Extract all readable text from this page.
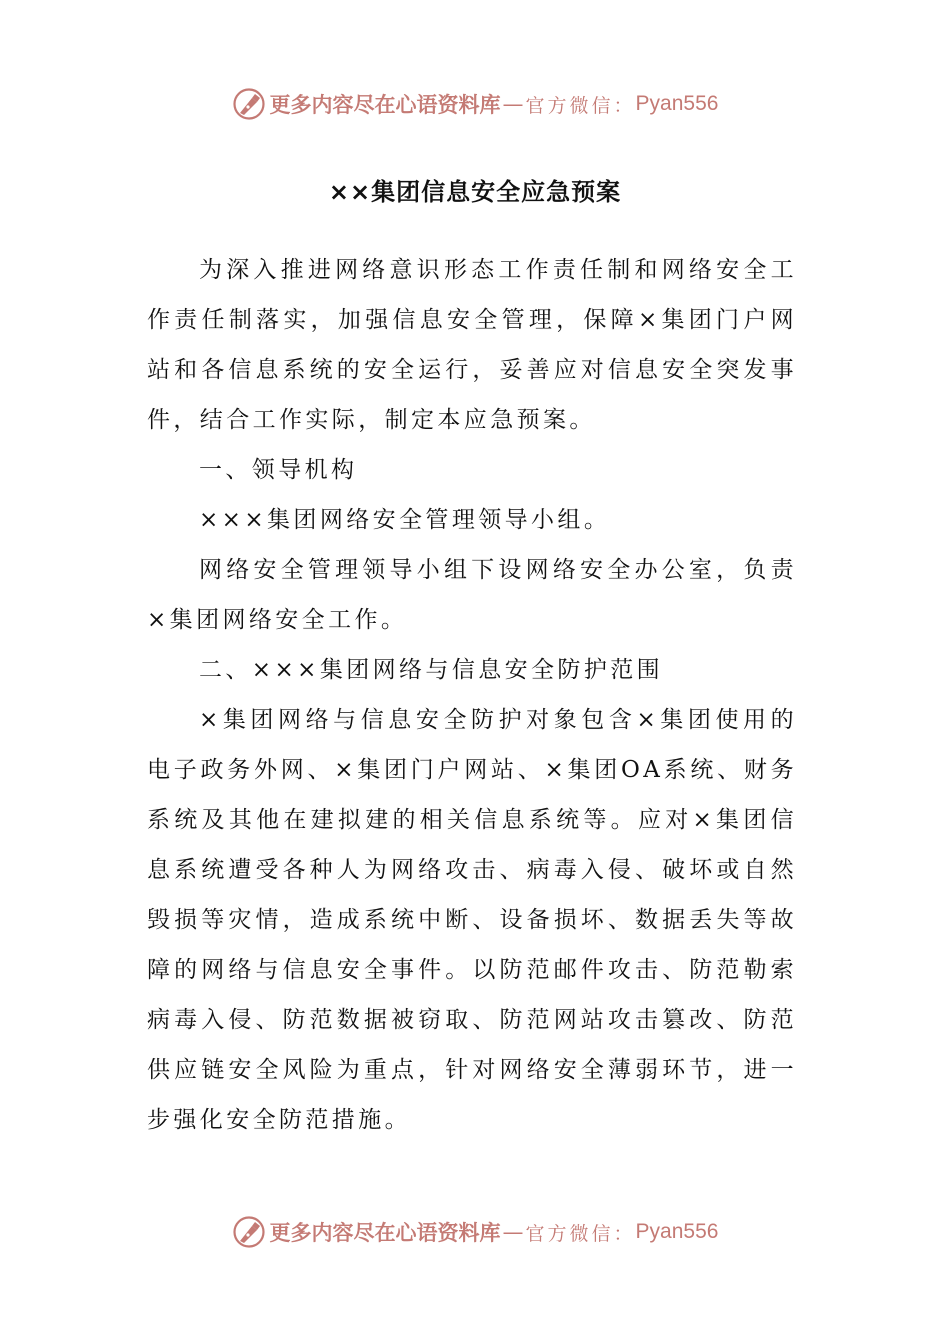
更多内容尽在心语资料库 — 官方微信： Pyan556
××集团信息安全应急预案

为深入推进网络意识形态工作责任制和网络安全工作责任制落实，加强信息安全管理，保障×集团门户网站和各信息系统的安全运行，妥善应对信息安全突发事件，结合工作实际，制定本应急预案。

一、领导机构

×××集团网络安全管理领导小组。

网络安全管理领导小组下设网络安全办公室，负责×集团网络安全工作。

二、×××集团网络与信息安全防护范围

×集团网络与信息安全防护对象包含×集团使用的电子政务外网、×集团门户网站、×集团OA系统、财务系统及其他在建拟建的相关信息系统等。应对×集团信息系统遭受各种人为网络攻击、病毒入侵、破坏或自然毁损等灾情，造成系统中断、设备损坏、数据丢失等故障的网络与信息安全事件。以防范邮件攻击、防范勒索病毒入侵、防范数据被窃取、防范网站攻击篡改、防范供应链安全风险为重点，针对网络安全薄弱环节，进一步强化安全防范措施。

更多内容尽在心语资料库 — 官方微信： Pyan556
